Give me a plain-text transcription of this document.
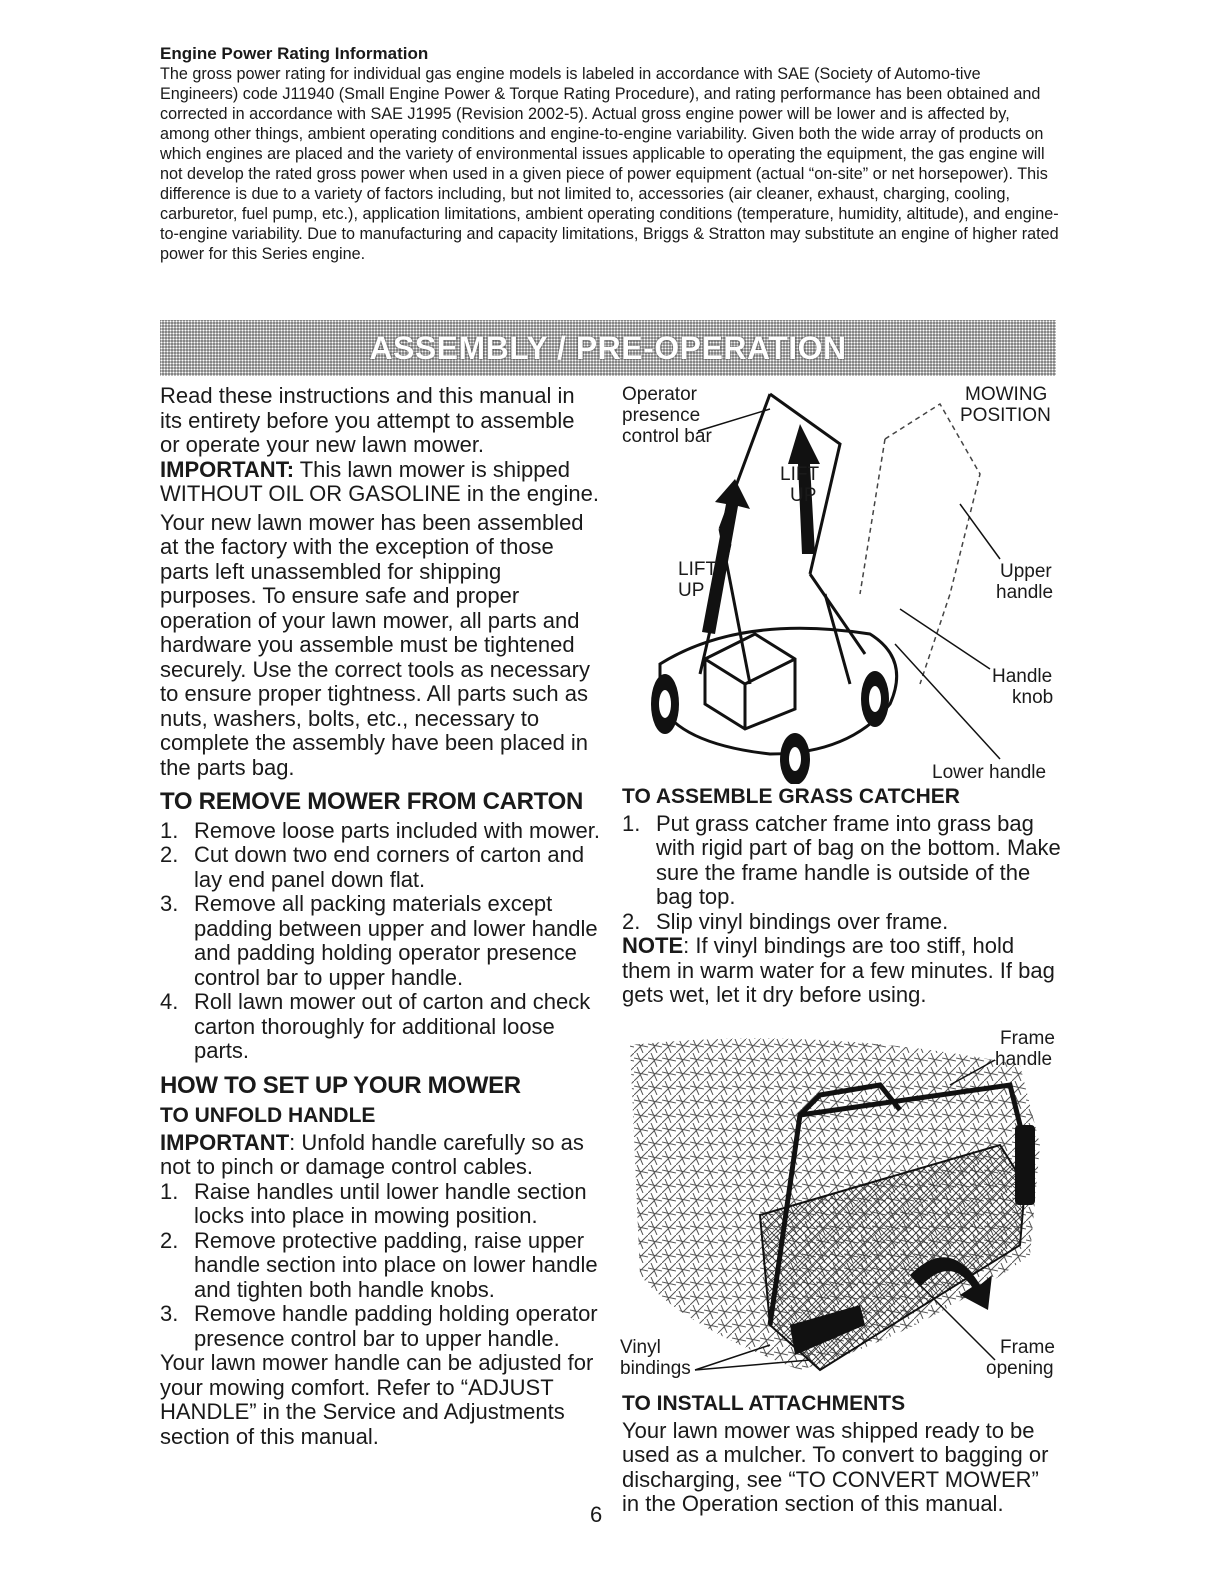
Engine Power Rating Information

The gross power rating for individual gas engine models is labeled in accordance with SAE (Society of Automo-tive Engineers) code J11940 (Small Engine Power & Torque Rating Procedure), and rating performance has been obtained and corrected in accordance with SAE J1995 (Revision 2002-5). Actual gross engine power will be lower and is affected by, among other things, ambient operating conditions and engine-to-engine variability. Given both the wide array of products on which engines are placed and the variety of environmental issues applicable to operating the equipment, the gas engine will not develop the rated gross power when used in a given piece of power equipment (actual “on-site” or net horsepower). This difference is due to a variety of factors including, but not limited to, accessories (air cleaner, exhaust, charging, cooling, carburetor, fuel pump, etc.), application limitations, ambient operating conditions (temperature, humidity, altitude), and engine-to-engine variability. Due to manufacturing and capacity limitations, Briggs & Stratton may substitute an engine of higher rated power for this Series engine.

ASSEMBLY / PRE-OPERATION

Read these instructions and this manual in its entirety before you attempt to assemble or operate your new lawn mower.

IMPORTANT: This lawn mower is shipped WITHOUT OIL OR GASOLINE in the engine.

Your new lawn mower has been assembled at the factory with the exception of those parts left unassembled for shipping purposes. To ensure safe and proper operation of your lawn mower, all parts and hardware you assemble must be tightened securely. Use the correct tools as necessary to ensure proper tightness. All parts such as nuts, washers, bolts, etc., necessary to complete the assembly have been placed in the parts bag.

TO REMOVE MOWER FROM CARTON
1. Remove loose parts included with mower.
2. Cut down two end corners of carton and lay end panel down flat.
3. Remove all packing materials except padding between upper and lower handle and padding holding operator presence control bar to upper handle.
4. Roll lawn mower out of carton and check carton thoroughly for additional loose parts.
HOW TO SET UP YOUR MOWER
TO UNFOLD HANDLE

IMPORTANT: Unfold handle carefully so as not to pinch or damage control cables.

1. Raise handles until lower handle section locks into place in mowing position.
2. Remove protective padding, raise upper handle section into place on lower handle and tighten both handle knobs.
3. Remove handle padding holding operator presence control bar to upper handle.

Your lawn mower handle can be adjusted for your mowing comfort. Refer to “ADJUST HANDLE” in the Service and Adjustments section of this manual.

Operator
presence
control bar
MOWING
POSITION
LIFT
UP
LIFT
UP
Upper
handle
Handle
knob
Lower handle
TO ASSEMBLE GRASS CATCHER
1. Put grass catcher frame into grass bag with rigid part of bag on the bottom. Make sure the frame handle is outside of the bag top.
2. Slip vinyl bindings over frame.

NOTE: If vinyl bindings are too stiff, hold them in warm water for a few minutes. If bag gets wet, let it dry before using.

Frame
handle
Vinyl
bindings
Frame
opening
TO INSTALL ATTACHMENTS

Your lawn mower was shipped ready to be used as a mulcher. To convert to bagging or discharging, see “TO CONVERT MOWER” in the Operation section of this manual.

6
